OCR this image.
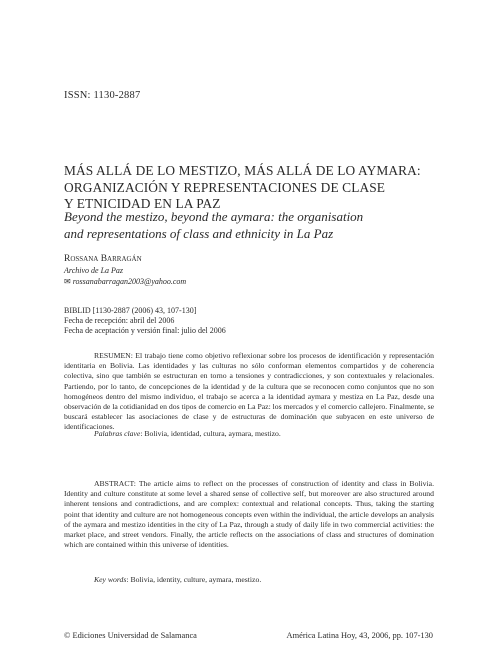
ISSN: 1130-2887
MÁS ALLÁ DE LO MESTIZO, MÁS ALLÁ DE LO AYMARA:
ORGANIZACIÓN Y REPRESENTACIONES DE CLASE
Y ETNICIDAD EN LA PAZ
Beyond the mestizo, beyond the aymara: the organisation
and representations of class and ethnicity in La Paz
Rossana Barragán
Archivo de La Paz
✉ rossanabarragan2003@yahoo.com
BIBLID [1130-2887 (2006) 43, 107-130]
Fecha de recepción: abril del 2006
Fecha de aceptación y versión final: julio del 2006

RESUMEN: El trabajo tiene como objetivo reflexionar sobre los procesos de identificación y representación identitaria en Bolivia. Las identidades y las culturas no sólo conforman elementos compartidos y de coherencia colectiva, sino que también se estructuran en torno a tensiones y contradicciones, y son contextuales y relacionales. Partiendo, por lo tanto, de concepciones de la identidad y de la cultura que se reconocen como conjuntos que no son homogéneos dentro del mismo individuo, el trabajo se acerca a la identidad aymara y mestiza en La Paz, desde una observación de la cotidianidad en dos tipos de comercio en La Paz: los mercados y el comercio callejero. Finalmente, se buscará establecer las asociaciones de clase y de estructuras de dominación que subyacen en este universo de identificaciones.

Palabras clave: Bolivia, identidad, cultura, aymara, mestizo.

ABSTRACT: The article aims to reflect on the processes of construction of identity and class in Bolivia. Identity and culture constitute at some level a shared sense of collective self, but moreover are also structured around inherent tensions and contradictions, and are complex: contextual and relational concepts. Thus, taking the starting point that identity and culture are not homogeneous concepts even within the individual, the article develops an analysis of the aymara and mestizo identities in the city of La Paz, through a study of daily life in two commercial activities: the market place, and street vendors. Finally, the article reflects on the associations of class and structures of domination which are contained within this universe of identities.

Key words: Bolivia, identity, culture, aymara, mestizo.
© Ediciones Universidad de Salamanca	América Latina Hoy, 43, 2006, pp. 107-130
